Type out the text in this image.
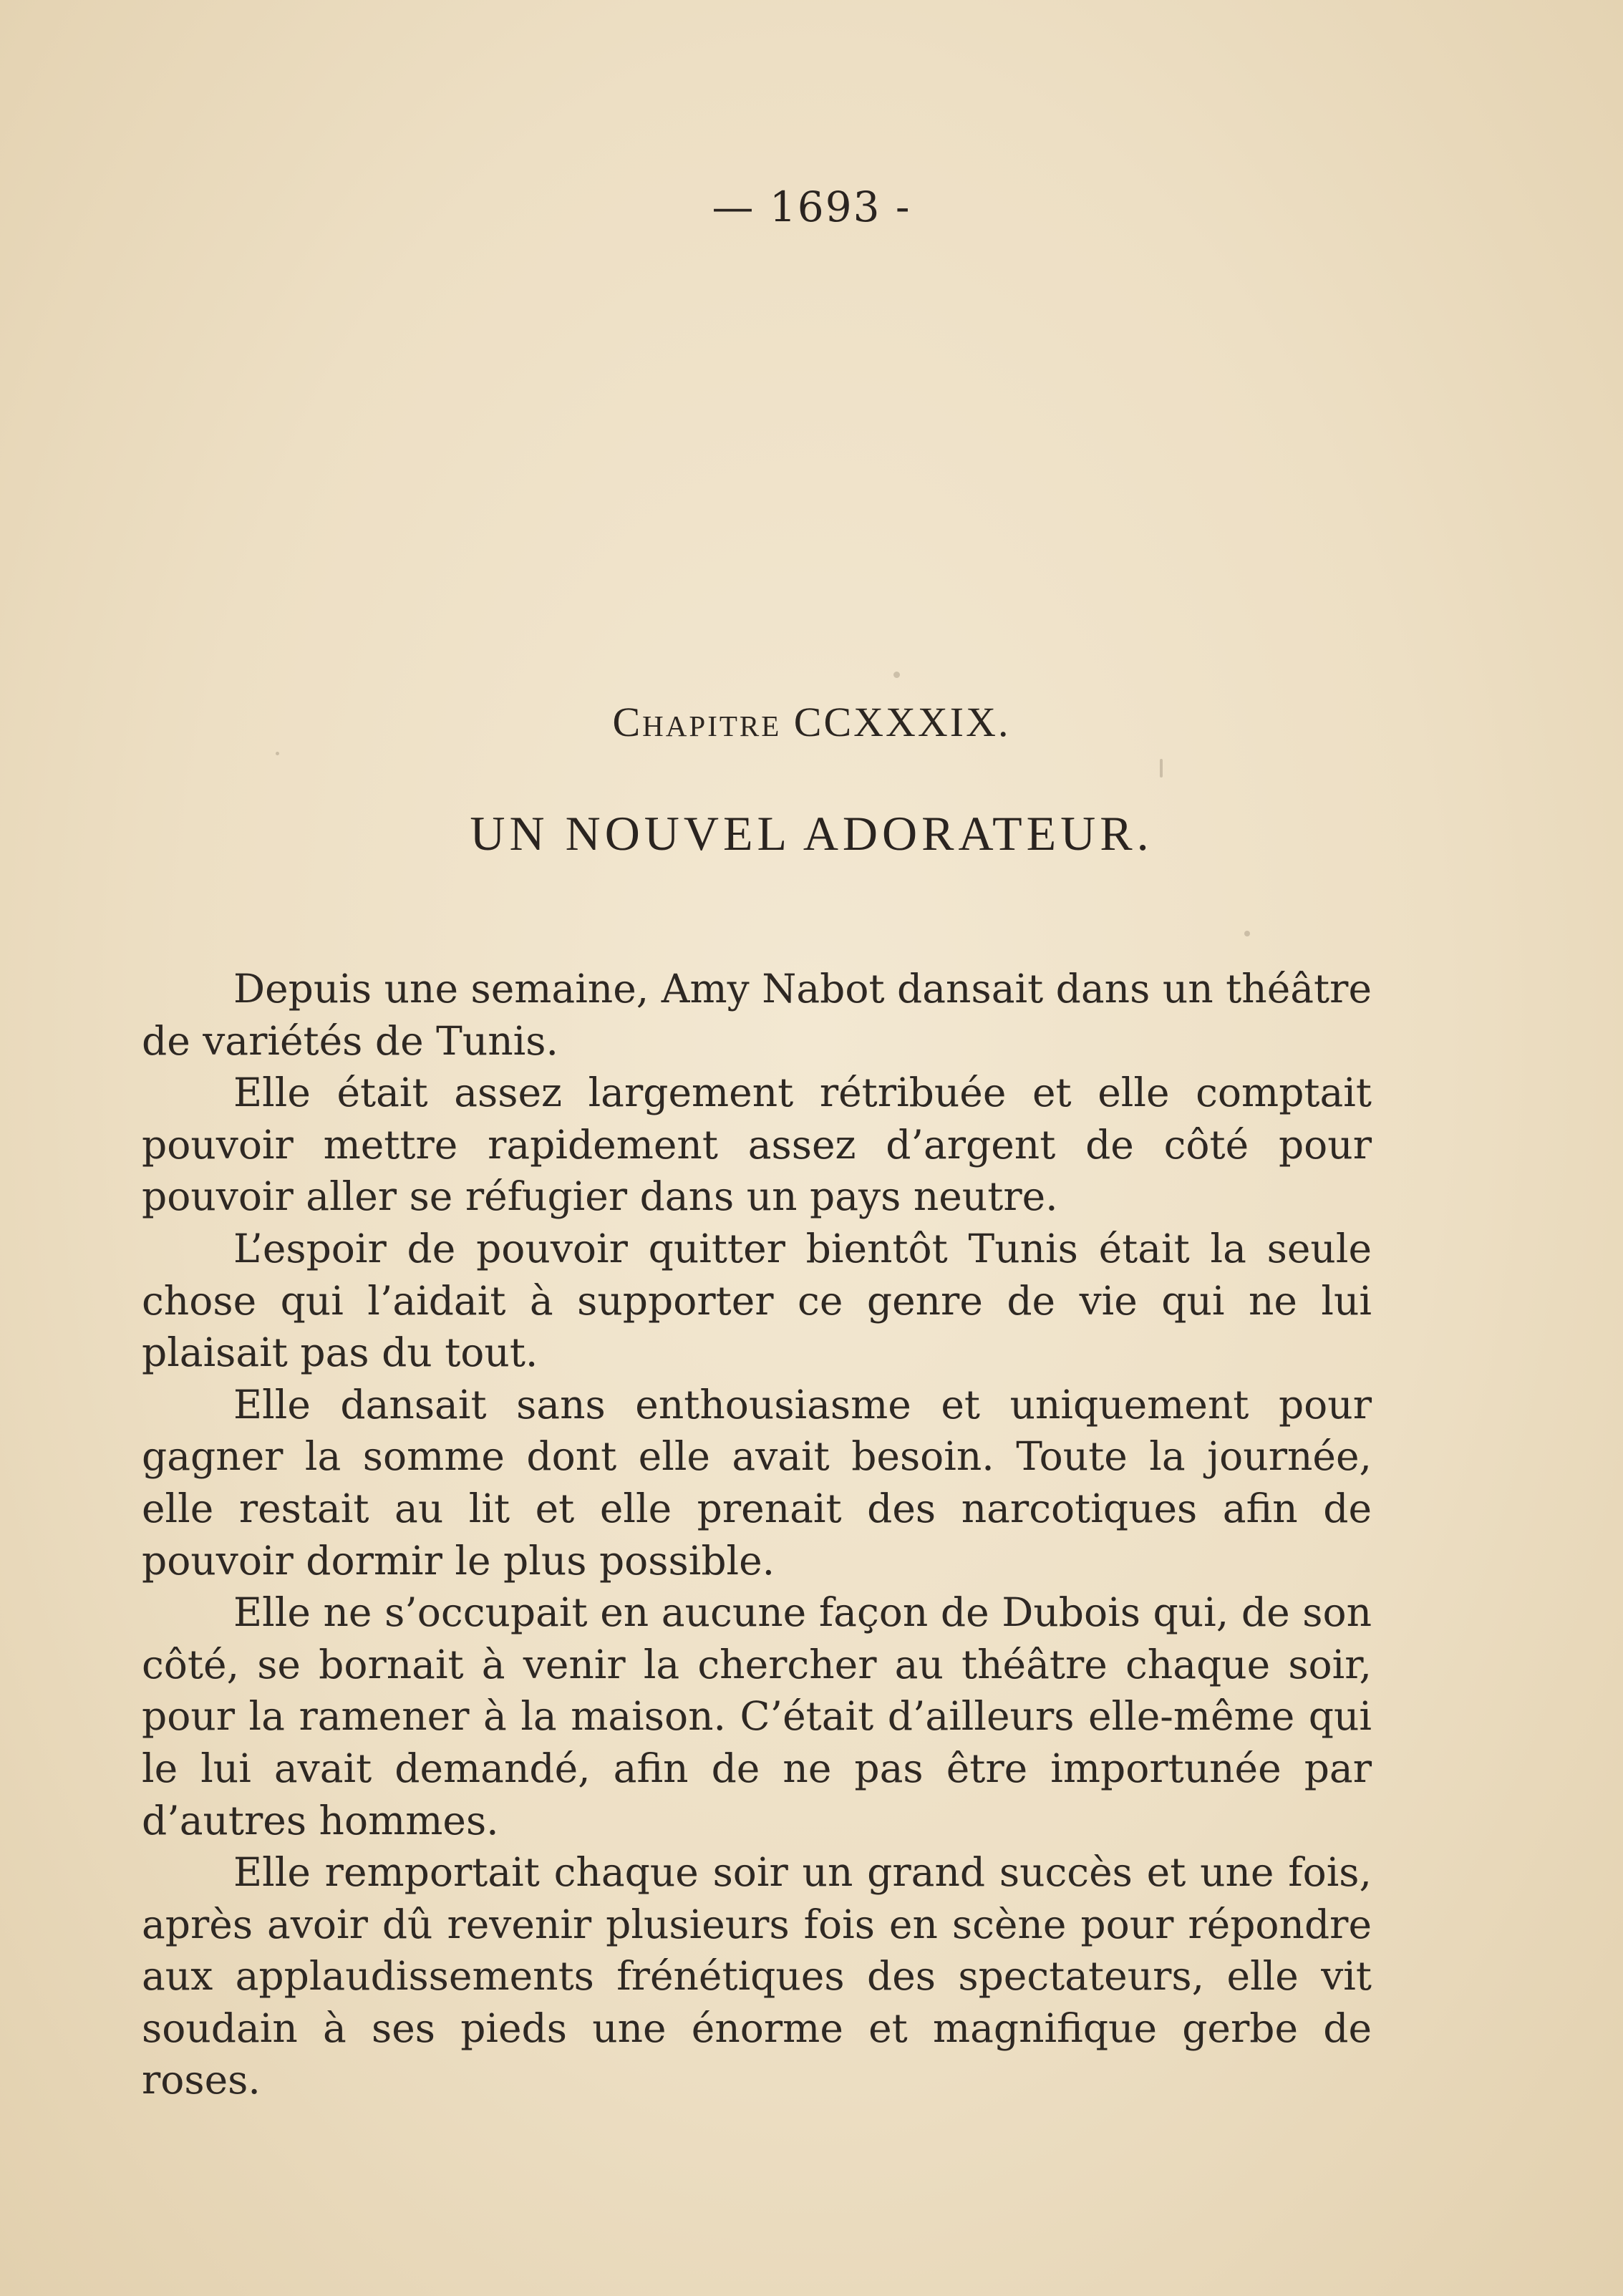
— 1693 -
Chapitre CCXXXIX.
UN NOUVEL ADORATEUR.

Depuis une semaine, Amy Nabot dansait dans un théâtre de variétés de Tunis.

Elle était assez largement rétribuée et elle comptait pouvoir mettre rapidement assez d’argent de côté pour pouvoir aller se réfugier dans un pays neutre.

L’espoir de pouvoir quitter bientôt Tunis était la seule chose qui l’aidait à supporter ce genre de vie qui ne lui plaisait pas du tout.

Elle dansait sans enthousiasme et uniquement pour gagner la somme dont elle avait besoin. Toute la journée, elle restait au lit et elle prenait des narcotiques afin de pouvoir dormir le plus possible.

Elle ne s’occupait en aucune façon de Dubois qui, de son côté, se bornait à venir la chercher au théâtre chaque soir, pour la ramener à la maison. C’était d’ailleurs elle-même qui le lui avait demandé, afin de ne pas être importunée par d’autres hommes.

Elle remportait chaque soir un grand succès et une fois, après avoir dû revenir plusieurs fois en scène pour répondre aux applaudissements frénétiques des spectateurs, elle vit soudain à ses pieds une énorme et magnifique gerbe de roses.
